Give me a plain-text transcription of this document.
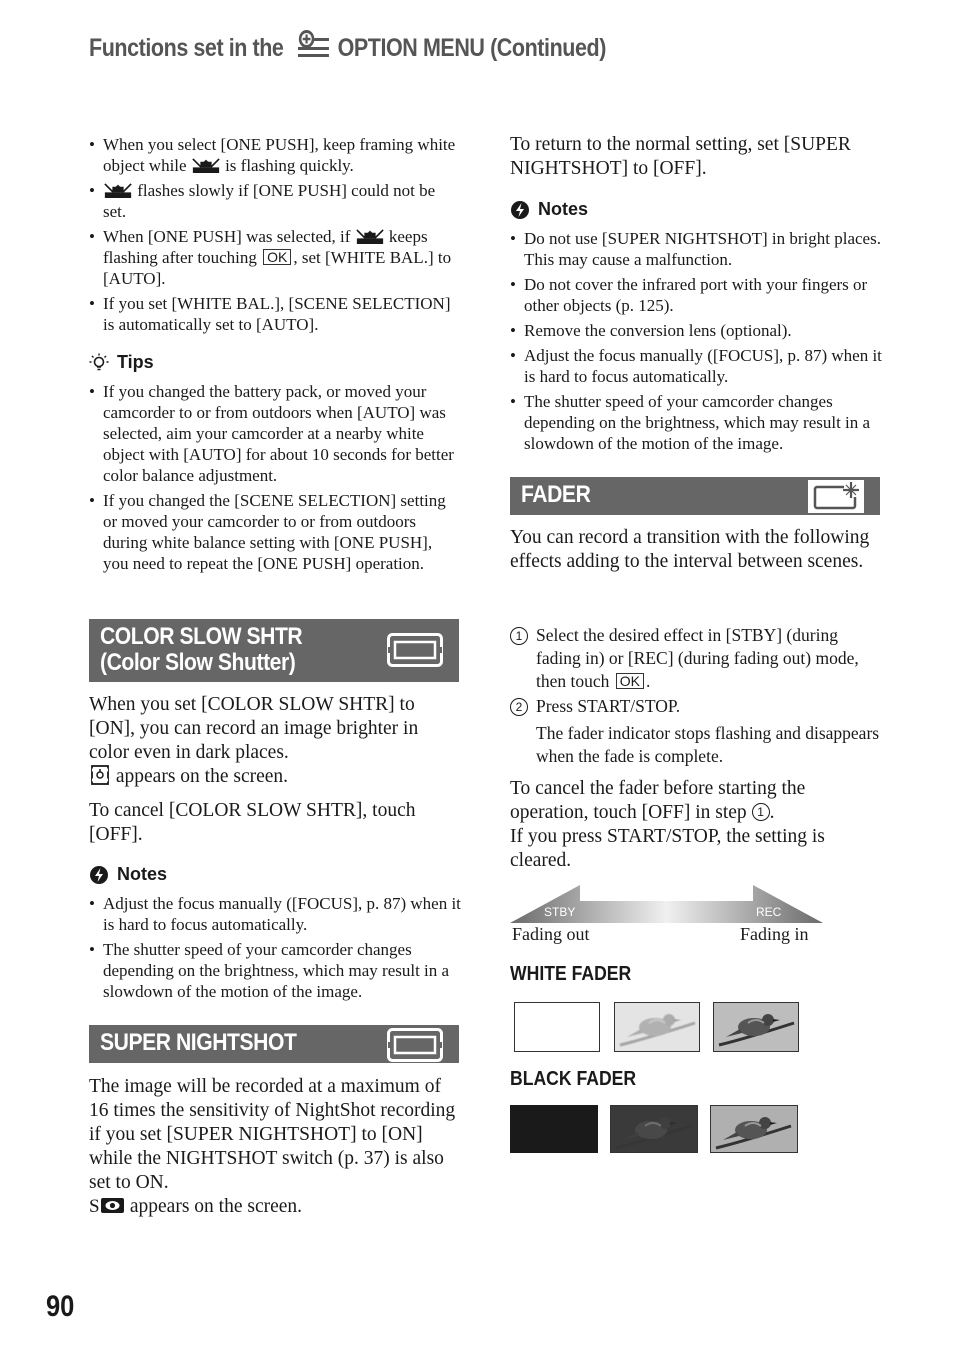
Functions set in the OPTION MENU (Continued)
• When you select [ONE PUSH], keep framing white object while is flashing quickly.
• flashes slowly if [ONE PUSH] could not be set.
• When [ONE PUSH] was selected, if keeps flashing after touching OK , set [WHITE BAL.] to [AUTO].
• If you set [WHITE BAL.], [SCENE SELECTION] is automatically set to [AUTO].
Tips
• If you changed the battery pack, or moved your camcorder to or from outdoors when [AUTO] was selected, aim your camcorder at a nearby white object with [AUTO] for about 10 seconds for better color balance adjustment.
• If you changed the [SCENE SELECTION] setting or moved your camcorder to or from outdoors during white balance setting with [ONE PUSH], you need to repeat the [ONE PUSH] operation.
COLOR SLOW SHTR
(Color Slow Shutter)
When you set [COLOR SLOW SHTR] to [ON], you can record an image brighter in color even in dark places.
appears on the screen.
To cancel [COLOR SLOW SHTR], touch [OFF].
Notes
• Adjust the focus manually ([FOCUS], p. 87) when it is hard to focus automatically.
• The shutter speed of your camcorder changes depending on the brightness, which may result in a slowdown of the motion of the image.
SUPER NIGHTSHOT
The image will be recorded at a maximum of 16 times the sensitivity of NightShot recording if you set [SUPER NIGHTSHOT] to [ON] while the NIGHTSHOT switch (p. 37) is also set to ON.
S appears on the screen.
To return to the normal setting, set [SUPER NIGHTSHOT] to [OFF].
Notes
• Do not use [SUPER NIGHTSHOT] in bright places. This may cause a malfunction.
• Do not cover the infrared port with your fingers or other objects (p. 125).
• Remove the conversion lens (optional).
• Adjust the focus manually ([FOCUS], p. 87) when it is hard to focus automatically.
• The shutter speed of your camcorder changes depending on the brightness, which may result in a slowdown of the motion of the image.
FADER
You can record a transition with the following effects adding to the interval between scenes.
1 Select the desired effect in [STBY] (during fading in) or [REC] (during fading out) mode, then touch OK .
2 Press START/STOP.
The fader indicator stops flashing and disappears when the fade is complete.
To cancel the fader before starting the operation, touch [OFF] in step 1 .
If you press START/STOP, the setting is cleared.
STBY	REC
Fading out	Fading in
WHITE FADER
BLACK FADER
90
